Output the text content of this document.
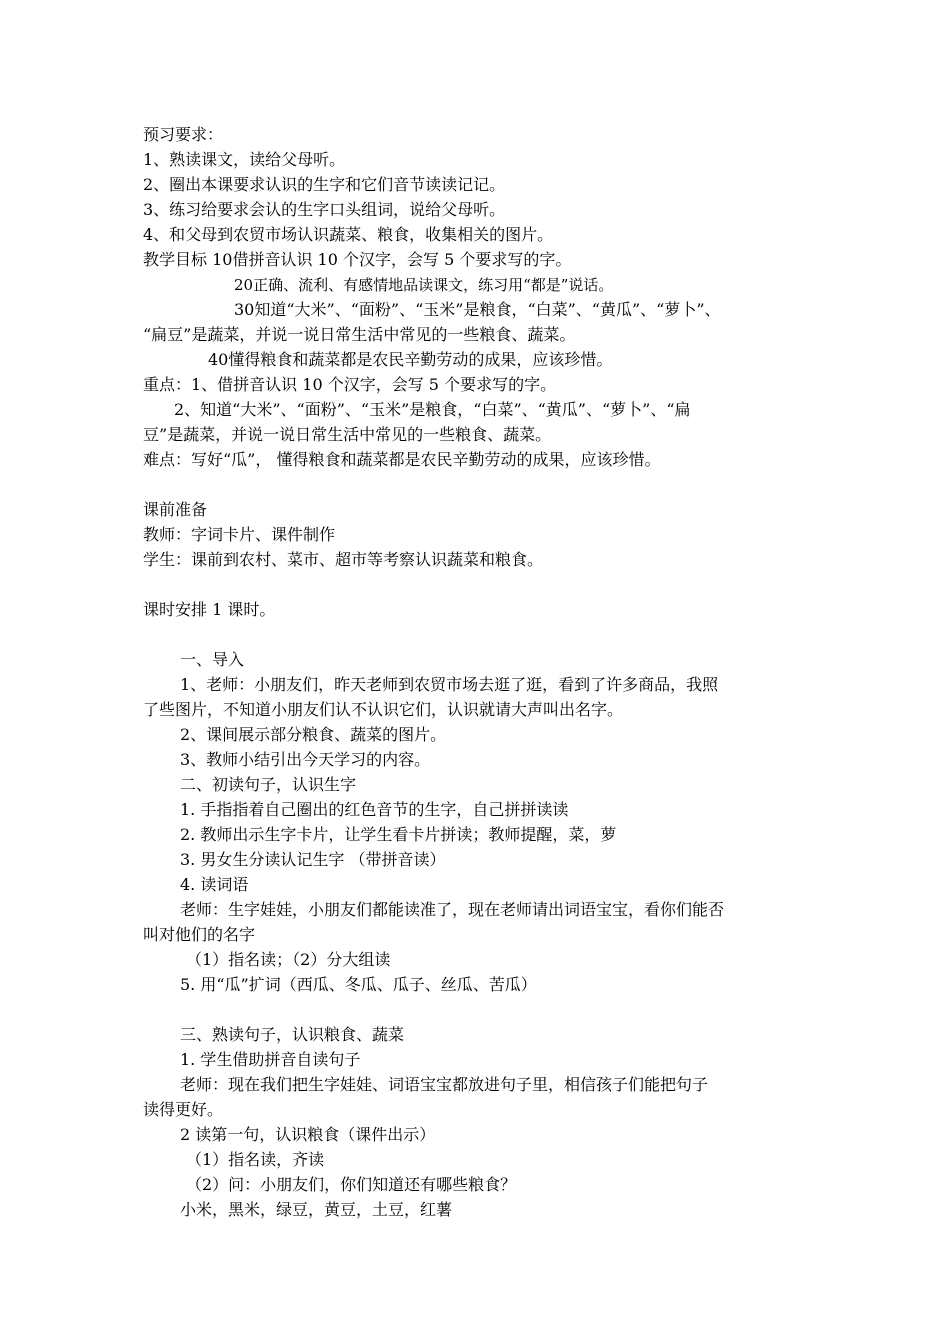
预习要求：
1、熟读课文，读给父母听。
2、圈出本课要求认识的生字和它们音节读读记记。
3、练习给要求会认的生字口头组词，说给父母听。
4、和父母到农贸市场认识蔬菜、粮食，收集相关的图片。
教学目标 10借拼音认识 10 个汉字，会写 5 个要求写的字。
20正确、流利、有感情地品读课文，练习用“都是”说话。
30知道“大米”、“面粉”、“玉米”是粮食，“白菜”、“黄瓜”、“萝卜”、
“扁豆”是蔬菜，并说一说日常生活中常见的一些粮食、蔬菜。
40懂得粮食和蔬菜都是农民辛勤劳动的成果，应该珍惜。
重点：1、借拼音认识 10 个汉字，会写 5 个要求写的字。
2、知道“大米”、“面粉”、“玉米”是粮食，“白菜”、“黄瓜”、“萝卜”、“扁
豆”是蔬菜，并说一说日常生活中常见的一些粮食、蔬菜。
难点：写好“瓜”， 懂得粮食和蔬菜都是农民辛勤劳动的成果，应该珍惜。
课前准备
教师：字词卡片、课件制作
学生：课前到农村、菜市、超市等考察认识蔬菜和粮食。
课时安排 1 课时。
一、导入
1、老师：小朋友们，昨天老师到农贸市场去逛了逛，看到了许多商品，我照
了些图片，不知道小朋友们认不认识它们，认识就请大声叫出名字。
2、课间展示部分粮食、蔬菜的图片。
3、教师小结引出今天学习的内容。
二、初读句子，认识生字
1. 手指指着自己圈出的红色音节的生字，自己拼拼读读
2. 教师出示生字卡片，让学生看卡片拼读；教师提醒，菜，萝
3. 男女生分读认记生字 （带拼音读）
4. 读词语
老师：生字娃娃，小朋友们都能读准了，现在老师请出词语宝宝，看你们能否
叫对他们的名字
（1）指名读；（2）分大组读
5. 用“瓜”扩词（西瓜、冬瓜、瓜子、丝瓜、苦瓜）
三、熟读句子，认识粮食、蔬菜
1. 学生借助拼音自读句子
老师：现在我们把生字娃娃、词语宝宝都放进句子里，相信孩子们能把句子
读得更好。
2 读第一句，认识粮食（课件出示）
（1）指名读，齐读
（2）问：小朋友们，你们知道还有哪些粮食？
小米，黑米，绿豆，黄豆，土豆，红薯
